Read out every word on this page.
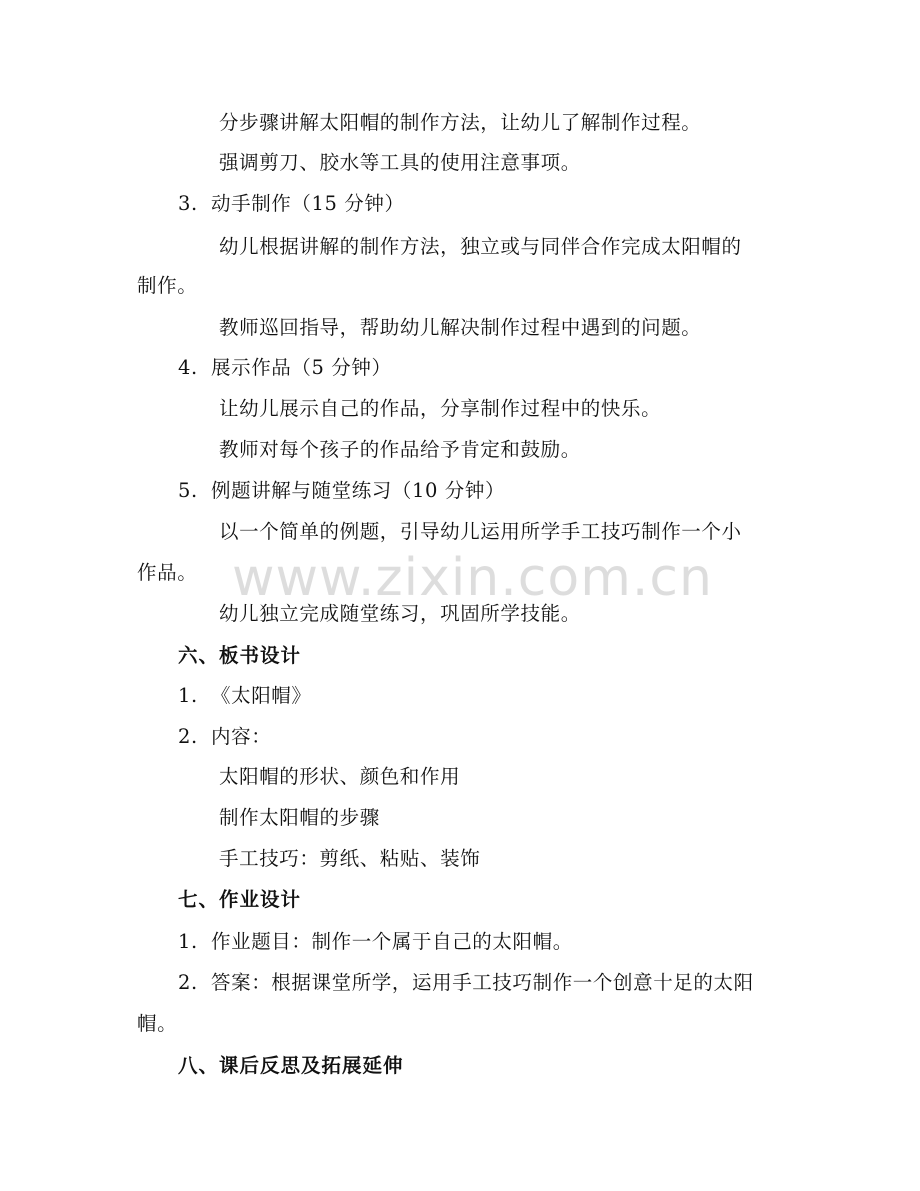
分步骤讲解太阳帽的制作方法，让幼儿了解制作过程。
强调剪刀、胶水等工具的使用注意事项。
3. 动手制作（15 分钟）
幼儿根据讲解的制作方法，独立或与同伴合作完成太阳帽的
制作。
教师巡回指导，帮助幼儿解决制作过程中遇到的问题。
4. 展示作品（5 分钟）
让幼儿展示自己的作品，分享制作过程中的快乐。
教师对每个孩子的作品给予肯定和鼓励。
5. 例题讲解与随堂练习（10 分钟）
以一个简单的例题，引导幼儿运用所学手工技巧制作一个小
作品。
幼儿独立完成随堂练习，巩固所学技能。
六、板书设计
1. 《太阳帽》
2. 内容：
太阳帽的形状、颜色和作用
制作太阳帽的步骤
手工技巧：剪纸、粘贴、装饰
七、作业设计
1. 作业题目：制作一个属于自己的太阳帽。
2. 答案：根据课堂所学，运用手工技巧制作一个创意十足的太阳
帽。
八、课后反思及拓展延伸
www.zixin.com.cn
